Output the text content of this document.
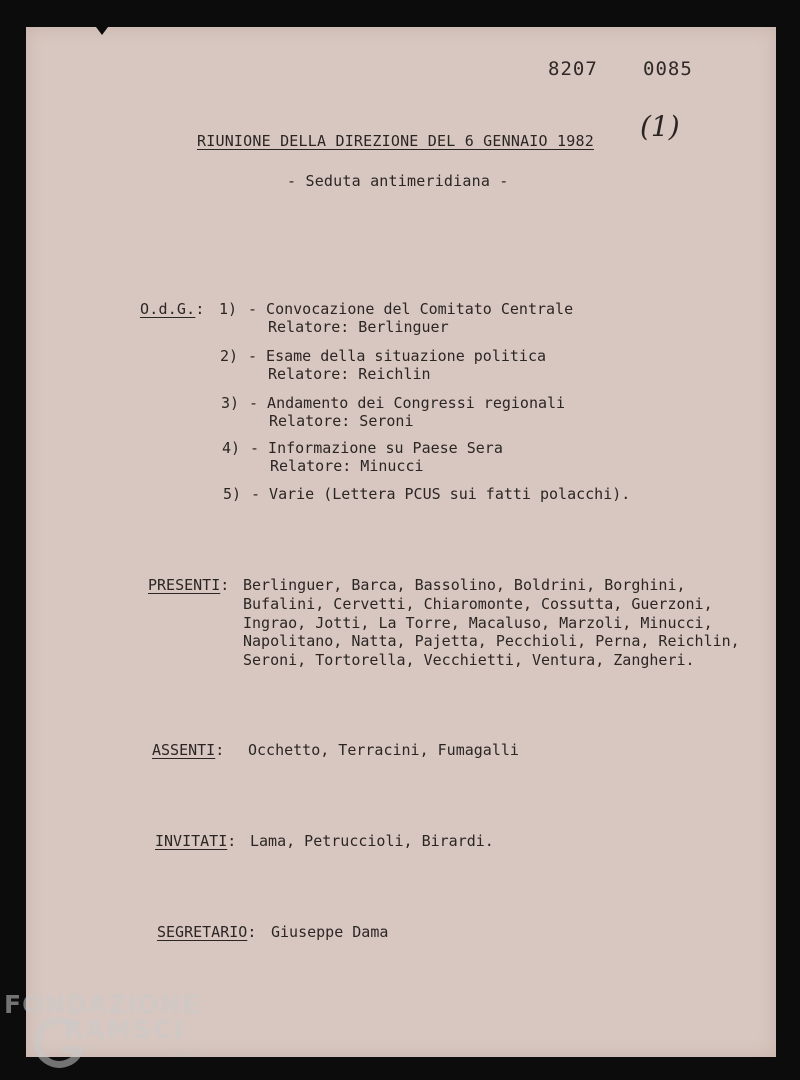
8207 0085
(1)
RIUNIONE DELLA DIREZIONE DEL 6 GENNAIO 1982
- Seduta antimeridiana -
O.d.G.: 1) - Convocazione del Comitato Centrale
Relatore: Berlinguer
2) - Esame della situazione politica
Relatore: Reichlin
3) - Andamento dei Congressi regionali
Relatore: Seroni
4) - Informazione su Paese Sera
Relatore: Minucci
5) - Varie (Lettera PCUS sui fatti polacchi).
PRESENTI: Berlinguer, Barca, Bassolino, Boldrini, Borghini,
Bufalini, Cervetti, Chiaromonte, Cossutta, Guerzoni,
Ingrao, Jotti, La Torre, Macaluso, Marzoli, Minucci,
Napolitano, Natta, Pajetta, Pecchioli, Perna, Reichlin,
Seroni, Tortorella, Vecchietti, Ventura, Zangheri.
ASSENTI: Occhetto, Terracini, Fumagalli
INVITATI: Lama, Petruccioli, Birardi.
SEGRETARIO: Giuseppe Dama
FONDAZIONE
RAMSCI
onlus
